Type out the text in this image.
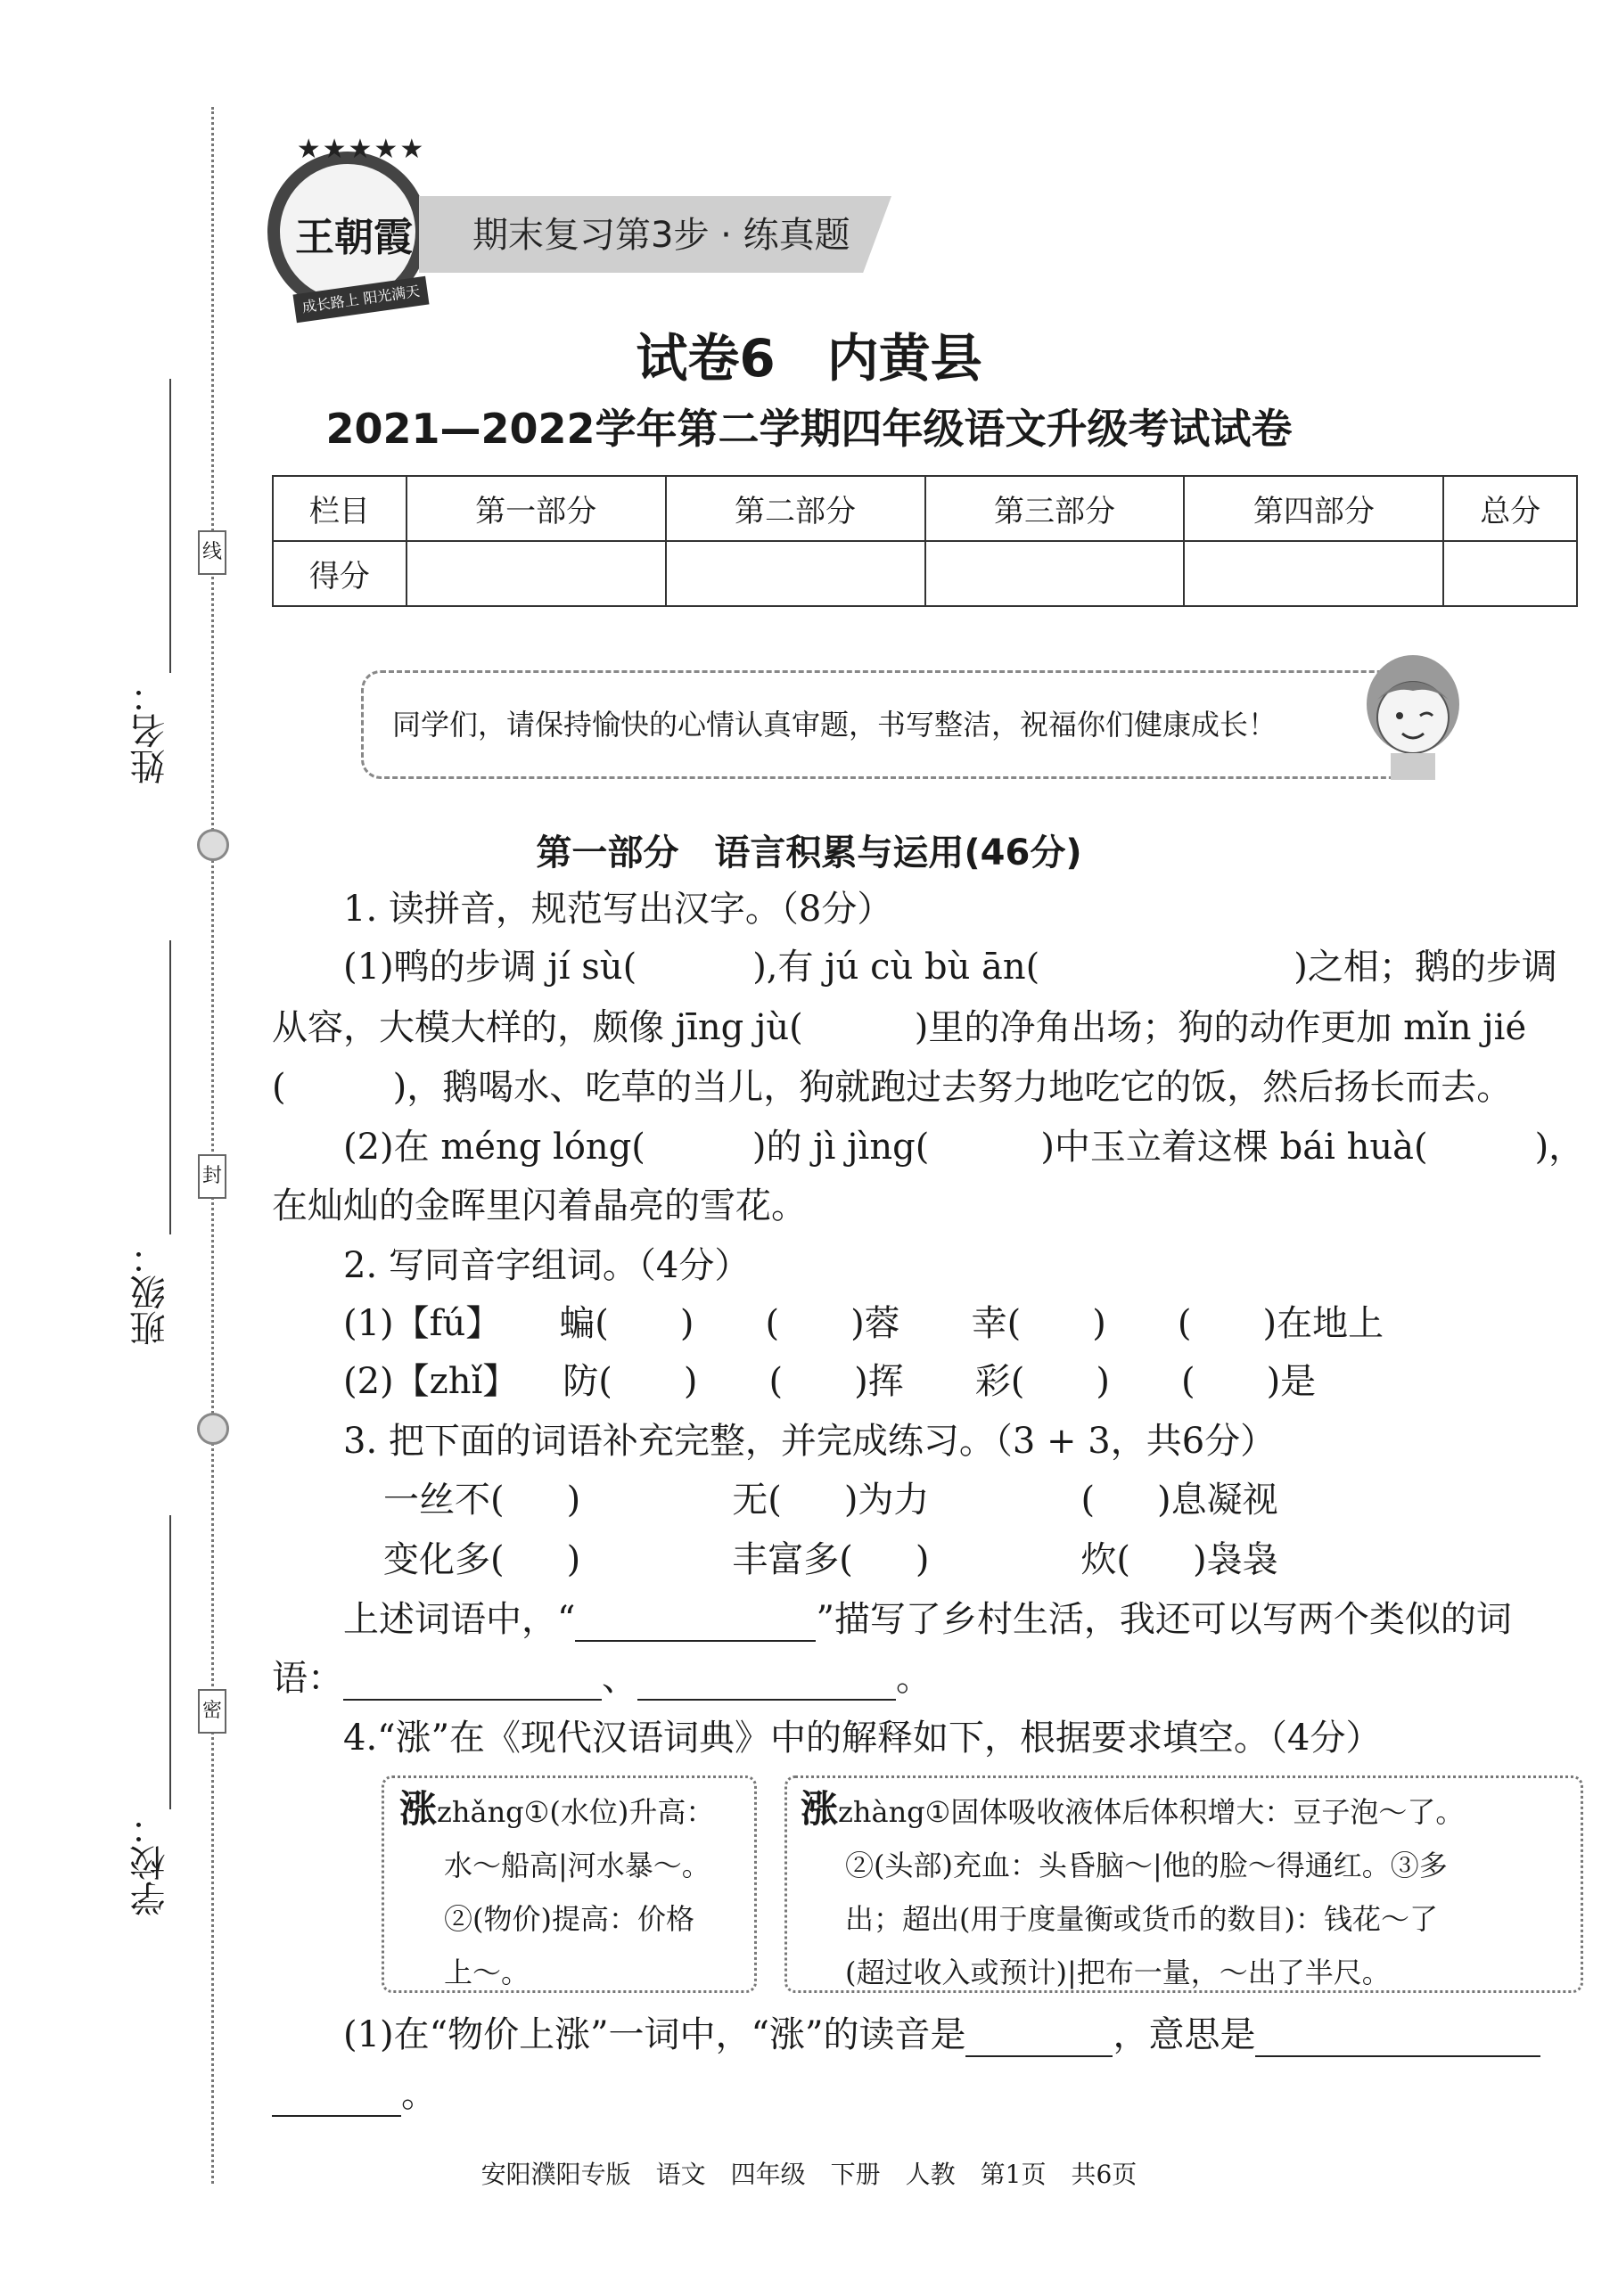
姓名：
班级：
学校：
线
封
密
★★★★★
王朝霞
成长路上 阳光满天
期末复习第3步 · 练真题
试卷6　内黄县
2021—2022学年第二学期四年级语文升级考试试卷
栏目	第一部分	第二部分	第三部分	第四部分	总分
得分					
同学们，请保持愉快的心情认真审题，书写整洁，祝福你们健康成长！
第一部分　语言积累与运用(46分)
1. 读拼音，规范写出汉字。（8分）
(1)鸭的步调 jí sù(	),有 jú cù bù ān(	)之相；鹅的步调
从容，大模大样的，颇像 jīng jù(	)里的净角出场；狗的动作更加 mǐn jié
(	)，鹅喝水、吃草的当儿，狗就跑过去努力地吃它的饭，然后扬长而去。
(2)在 méng lóng(	)的 jì jìng(	)中玉立着这棵 bái huà(	)，
在灿灿的金晖里闪着晶亮的雪花。
2. 写同音字组词。（4分）
(1)【fú】 蝙( ) ( )蓉 幸( ) ( )在地上
(2)【zhǐ】 防( ) ( )挥 彩( ) ( )是
3. 把下面的词语补充完整，并完成练习。（3 + 3，共6分）
一丝不( )	无( )为力	( )息凝视
变化多( )	丰富多( )	炊( )袅袅
上述词语中，“	”描写了乡村生活，我还可以写两个类似的词
语：	、	。
4.“涨”在《现代汉语词典》中的解释如下，根据要求填空。（4分）
涨zhǎng①(水位)升高：
水～船高|河水暴～。
②(物价)提高：价格
上～。
涨zhàng①固体吸收液体后体积增大：豆子泡～了。
②(头部)充血：头昏脑～|他的脸～得通红。③多
出；超出(用于度量衡或货币的数目)：钱花～了
(超过收入或预计)|把布一量，～出了半尺。
(1)在“物价上涨”一词中，“涨”的读音是	，意思是
。
安阳濮阳专版　语文　四年级　下册　人教　第1页　共6页
